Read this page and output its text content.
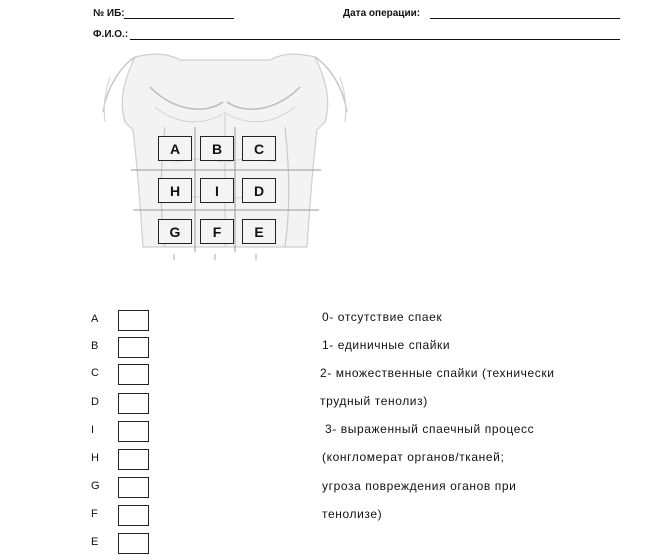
№ ИБ:	Дата операции:
Ф.И.О.:
A	B	C
H	I	D
G	F	E
A
B
C
D
I
H
G
F
E
0- отсутствие спаек
1- единичные спайки
2- множественные спайки (технически
трудный тенолиз)
3- выраженный спаечный процесс
(конгломерат органов/тканей;
угроза повреждения оганов при
тенолизе)
